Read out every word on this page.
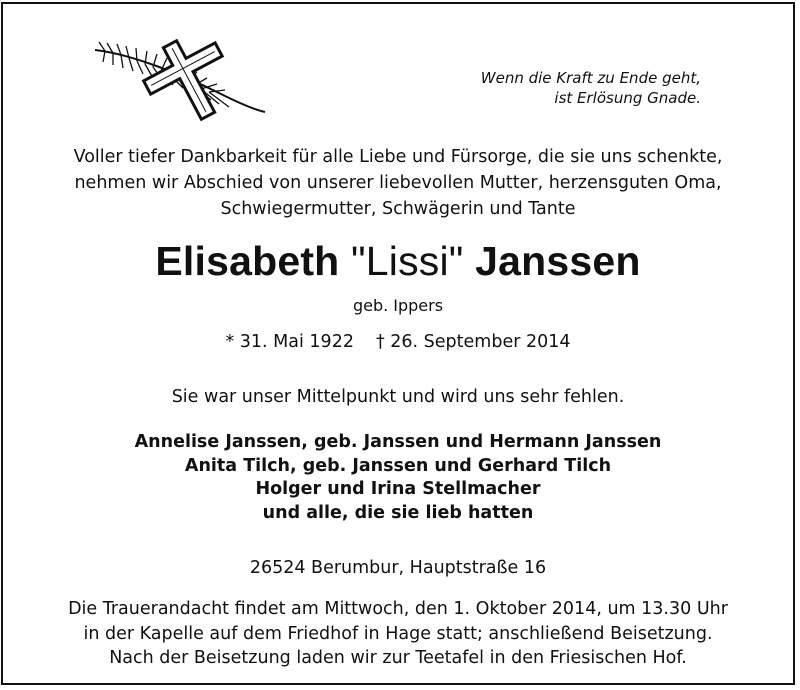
Wenn die Kraft zu Ende geht,
ist Erlösung Gnade.
Voller tiefer Dankbarkeit für alle Liebe und Fürsorge, die sie uns schenkte,
nehmen wir Abschied von unserer liebevollen Mutter, herzensguten Oma,
Schwiegermutter, Schwägerin und Tante
Elisabeth "Lissi" Janssen
geb. Ippers
* 31. Mai 1922 † 26. September 2014
Sie war unser Mittelpunkt und wird uns sehr fehlen.
Annelise Janssen, geb. Janssen und Hermann Janssen
Anita Tilch, geb. Janssen und Gerhard Tilch
Holger und Irina Stellmacher
und alle, die sie lieb hatten
26524 Berumbur, Hauptstraße 16
Die Trauerandacht findet am Mittwoch, den 1. Oktober 2014, um 13.30 Uhr
in der Kapelle auf dem Friedhof in Hage statt; anschließend Beisetzung.
Nach der Beisetzung laden wir zur Teetafel in den Friesischen Hof.
